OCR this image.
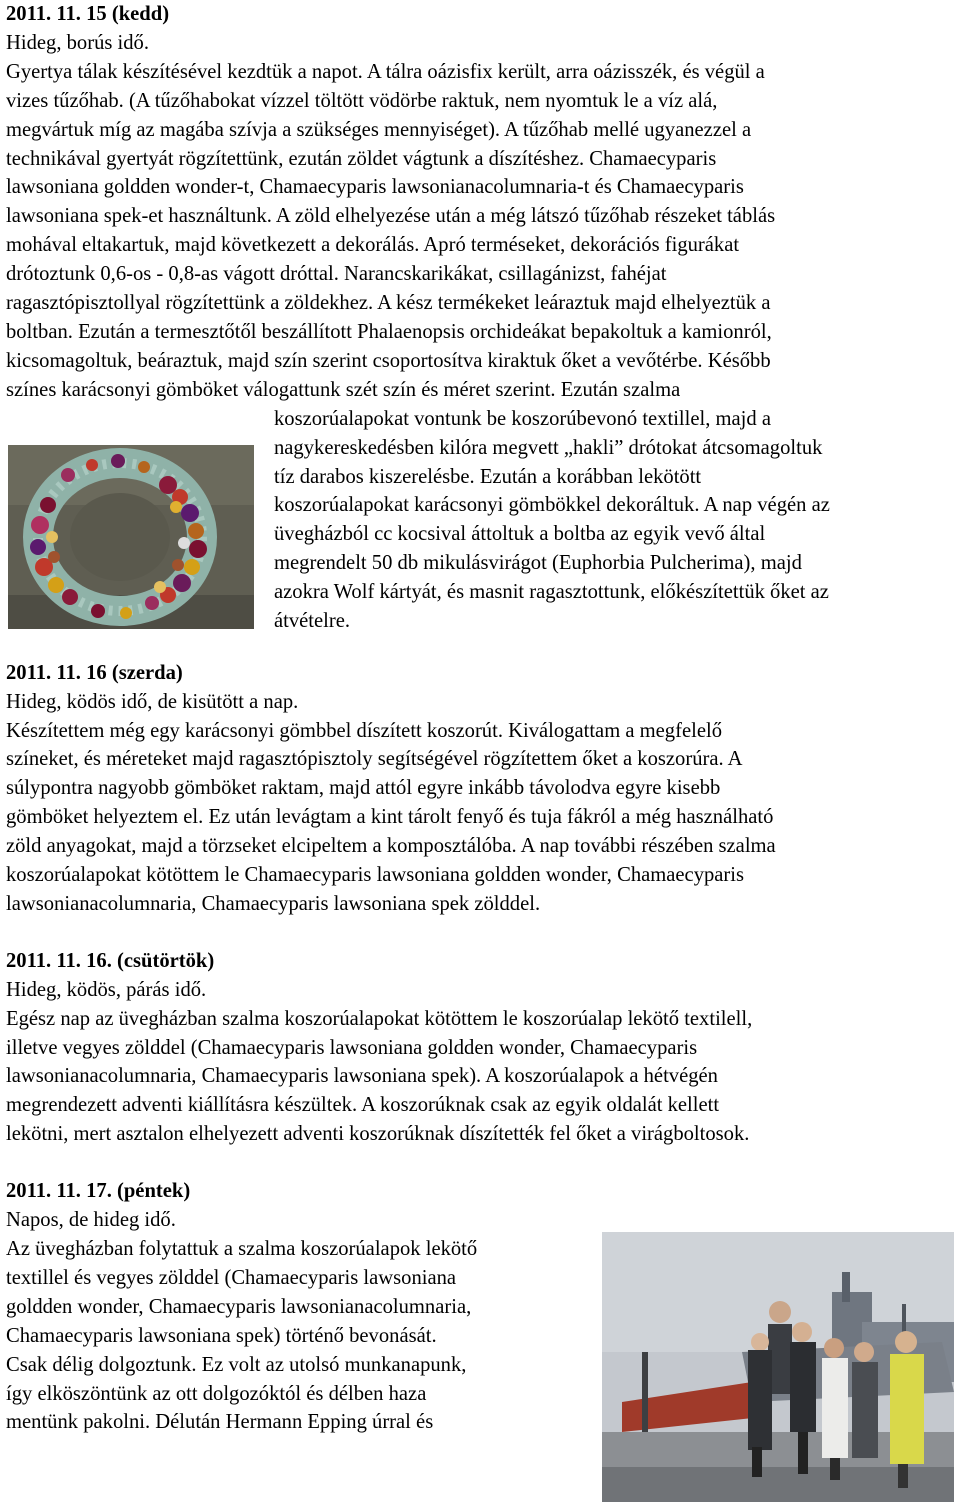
2011. 11. 15 (kedd)
Hideg, borús idő.
Gyertya tálak készítésével kezdtük a napot. A tálra oázisfix került, arra oázisszék, és végül a
vizes tűzőhab. (A tűzőhabokat vízzel töltött vödörbe raktuk, nem nyomtuk le a víz alá,
megvártuk míg az magába szívja a szükséges mennyiséget). A tűzőhab mellé ugyanezzel a
technikával gyertyát rögzítettünk, ezután zöldet vágtunk a díszítéshez. Chamaecyparis
lawsoniana goldden wonder-t, Chamaecyparis lawsonianacolumnaria-t és Chamaecyparis
lawsoniana spek-et használtunk. A zöld elhelyezése után a még látszó tűzőhab részeket táblás
mohával eltakartuk, majd következett a dekorálás. Apró terméseket, dekorációs figurákat
drótoztunk 0,6-os - 0,8-as vágott dróttal. Narancskarikákat, csillagánizst, fahéjat
ragasztópisztollyal rögzítettünk a zöldekhez. A kész termékeket leáraztuk majd elhelyeztük a
boltban. Ezután a termesztőtől beszállított Phalaenopsis orchideákat bepakoltuk a kamionról,
kicsomagoltuk, beáraztuk, majd szín szerint csoportosítva kiraktuk őket a vevőtérbe. Később
színes karácsonyi gömböket válogattunk szét szín és méret szerint. Ezután szalma
koszorúalapokat vontunk be koszorúbevonó textillel, majd a
nagykereskedésben kilóra megvett „hakli” drótokat átcsomagoltuk
tíz darabos kiszerelésbe. Ezután a korábban lekötött
koszorúalapokat karácsonyi gömbökkel dekoráltuk. A nap végén az
üvegházból cc kocsival áttoltuk a boltba az egyik vevő által
megrendelt 50 db mikulásvirágot (Euphorbia Pulcherima), majd
azokra Wolf kártyát, és masnit ragasztottunk, előkészítettük őket az
átvételre.
2011. 11. 16 (szerda)
Hideg, ködös idő, de kisütött a nap.
Készítettem még egy karácsonyi gömbbel díszített koszorút. Kiválogattam a megfelelő
színeket, és méreteket majd ragasztópisztoly segítségével rögzítettem őket a koszorúra. A
súlypontra nagyobb gömböket raktam, majd attól egyre inkább távolodva egyre kisebb
gömböket helyeztem el. Ez után levágtam a kint tárolt fenyő és tuja fákról a még használható
zöld anyagokat, majd a törzseket elcipeltem a komposztálóba. A nap további részében szalma
koszorúalapokat kötöttem le Chamaecyparis lawsoniana goldden wonder, Chamaecyparis
lawsonianacolumnaria, Chamaecyparis lawsoniana spek zölddel.
2011. 11. 16. (csütörtök)
Hideg, ködös, párás idő.
Egész nap az üvegházban szalma koszorúalapokat kötöttem le koszorúalap lekötő textilell,
illetve vegyes zölddel (Chamaecyparis lawsoniana goldden wonder, Chamaecyparis
lawsonianacolumnaria, Chamaecyparis lawsoniana spek). A koszorúalapok a hétvégén
megrendezett adventi kiállításra készültek. A koszorúknak csak az egyik oldalát kellett
lekötni, mert asztalon elhelyezett adventi koszorúknak díszítették fel őket a virágboltosok.
2011. 11. 17. (péntek)
Napos, de hideg idő.
Az üvegházban folytattuk a szalma koszorúalapok lekötő
textillel és vegyes zölddel (Chamaecyparis lawsoniana
goldden wonder, Chamaecyparis lawsonianacolumnaria,
Chamaecyparis lawsoniana spek) történő bevonását.
Csak délig dolgoztunk. Ez volt az utolsó munkanapunk,
így elköszöntünk az ott dolgozóktól és délben haza
mentünk pakolni. Délután Hermann Epping úrral és
